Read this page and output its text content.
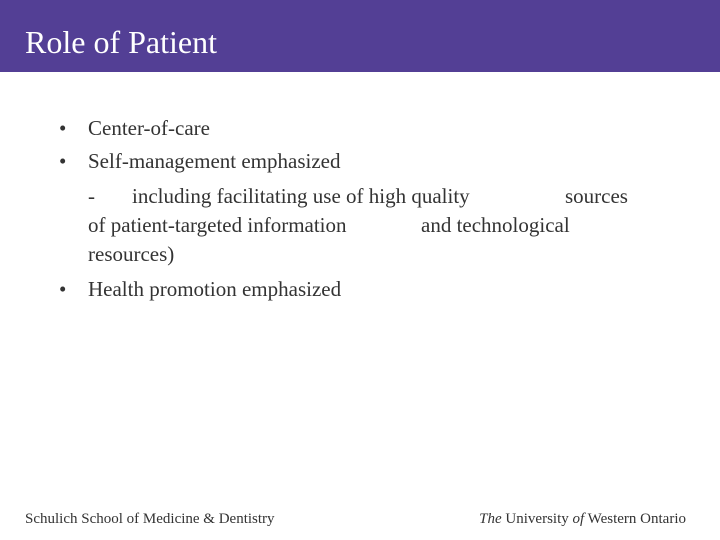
Role of Patient
•	Center-of-care
•	Self-management emphasized
- including facilitating use of high quality	sources
of patient-targeted information	and technological
resources)
•	Health promotion emphasized
Schulich School of Medicine & Dentistry	The University of Western Ontario
